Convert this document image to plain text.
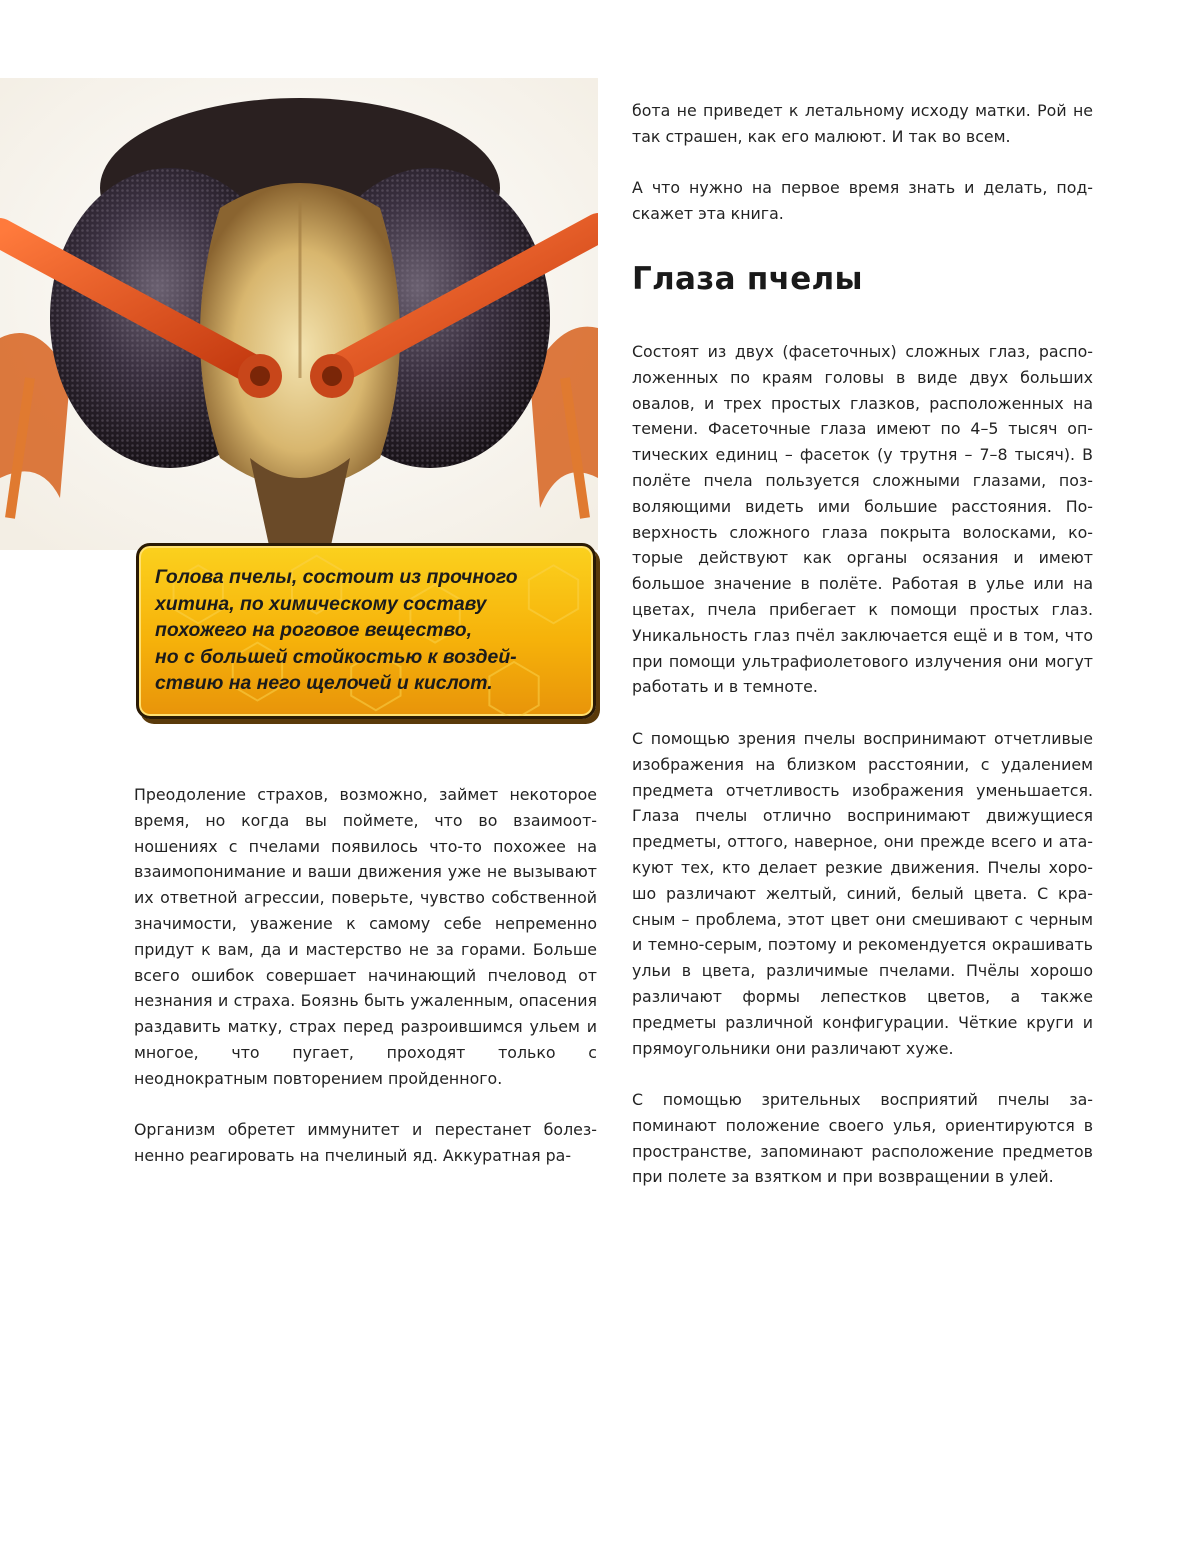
Голова пчелы, состоит из прочного
хитина, по химическому составу
похожего на роговое вещество,
но с большей стойкостью к воздей-
ствию на него щелочей и кислот.

Преодоление страхов, возможно, займет некоторое время, но когда вы поймете, что во взаимоотношениях с пчелами появилось что-то похожее на взаимопонимание и ваши движения уже не вызывают их ответной агрессии, поверьте, чувство собственной значимости, уважение к самому себе непременно придут к вам, да и мастерство не за горами. Больше всего ошибок совершает начинающий пчеловод от незнания и страха. Боязнь быть ужаленным, опасения раздавить матку, страх перед разроившимся ульем и многое, что пугает, проходят только с неоднократным повторением пройденного.

Организм обретет иммунитет и перестанет болезненно реагировать на пчелиный яд. Аккуратная ра-

бота не приведет к летальному исходу матки. Рой не так страшен, как его малюют. И так во всем.

А что нужно на первое время знать и делать, подскажет эта книга.

Глаза пчелы

Состоят из двух (фасеточных) сложных глаз, расположенных по краям головы в виде двух больших овалов, и трех простых глазков, расположенных на темени. Фасеточные глаза имеют по 4–5 тысяч оптических единиц – фасеток (у трутня – 7–8 тысяч). В полёте пчела пользуется сложными глазами, позволяющими видеть ими большие расстояния. Поверхность сложного глаза покрыта волосками, которые действуют как органы осязания и имеют большое значение в полёте. Работая в улье или на цветах, пчела прибегает к помощи простых глаз. Уникальность глаз пчёл заключается ещё и в том, что при помощи ультрафиолетового излучения они могут работать и в темноте.

С помощью зрения пчелы воспринимают отчетливые изображения на близком расстоянии, с удалением предмета отчетливость изображения уменьшается. Глаза пчелы отлично воспринимают движущиеся предметы, оттого, наверное, они прежде всего и атакуют тех, кто делает резкие движения. Пчелы хорошо различают желтый, синий, белый цвета. С красным – проблема, этот цвет они смешивают с черным и темно-серым, поэтому и рекомендуется окрашивать ульи в цвета, различимые пчелами. Пчёлы хорошо различают формы лепестков цветов, а также предметы различной конфигурации. Чёткие круги и прямоугольники они различают хуже.

С помощью зрительных восприятий пчелы запоминают положение своего улья, ориентируются в пространстве, запоминают расположение предметов при полете за взятком и при возвращении в улей.
